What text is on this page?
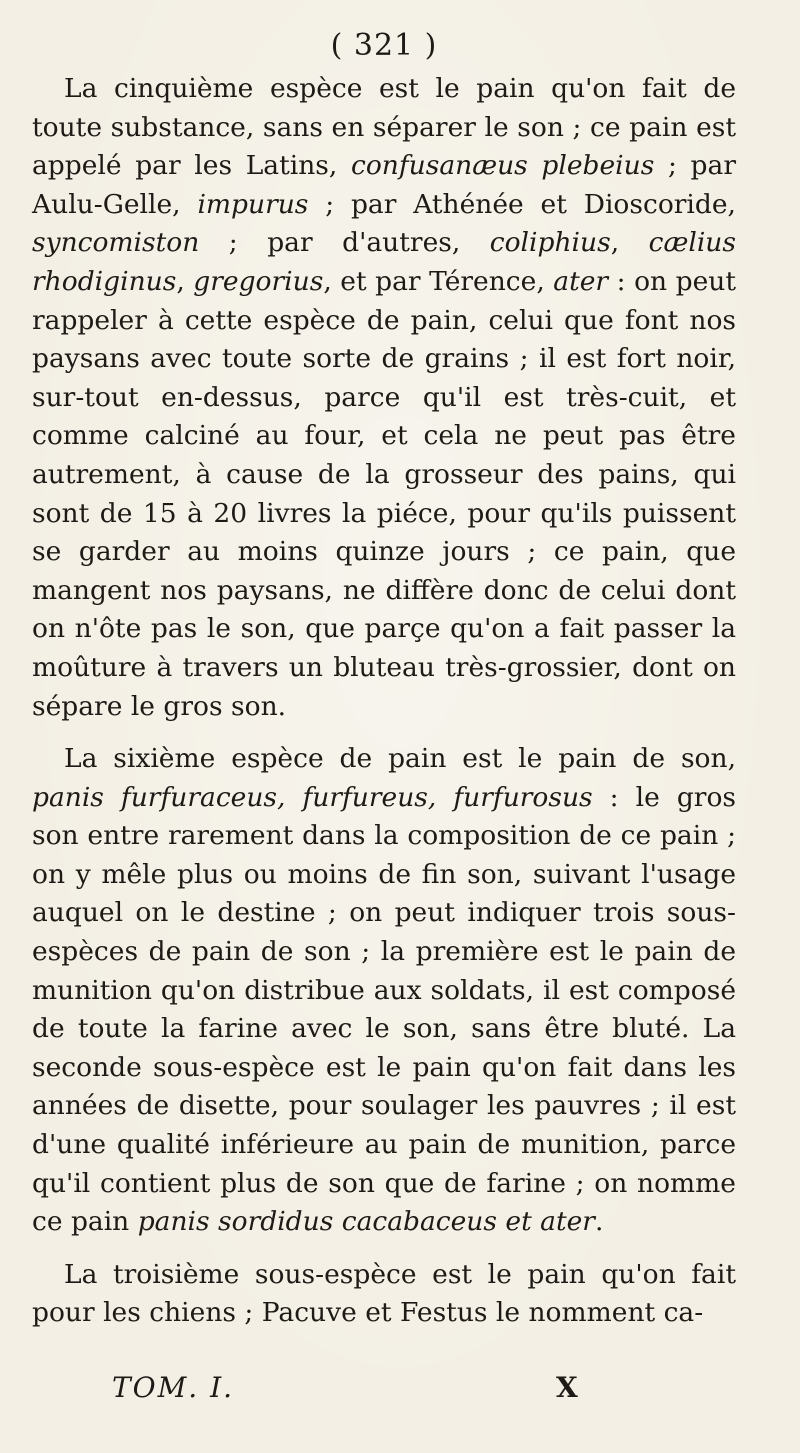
( 321 )

La cinquième espèce est le pain qu'on fait de toute substance, sans en séparer le son ; ce pain est appelé par les Latins, confusanæus plebeius ; par Aulu-Gelle, impurus ; par Athénée et Dioscoride, syncomiston ; par d'autres, coliphius, cælius rhodiginus, gregorius, et par Térence, ater : on peut rappeler à cette espèce de pain, celui que font nos paysans avec toute sorte de grains ; il est fort noir, sur-tout en-dessus, parce qu'il est très-cuit, et comme calciné au four, et cela ne peut pas être autrement, à cause de la grosseur des pains, qui sont de 15 à 20 livres la piéce, pour qu'ils puissent se garder au moins quinze jours ; ce pain, que mangent nos paysans, ne diffère donc de celui dont on n'ôte pas le son, que parçe qu'on a fait passer la moûture à travers un bluteau très-grossier, dont on sépare le gros son.

La sixième espèce de pain est le pain de son, panis furfuraceus, furfureus, furfurosus : le gros son entre rarement dans la composition de ce pain ; on y mêle plus ou moins de fin son, suivant l'usage auquel on le destine ; on peut indiquer trois sous-espèces de pain de son ; la première est le pain de munition qu'on distribue aux soldats, il est composé de toute la farine avec le son, sans être bluté. La seconde sous-espèce est le pain qu'on fait dans les années de disette, pour soulager les pauvres ; il est d'une qualité inférieure au pain de munition, parce qu'il contient plus de son que de farine ; on nomme ce pain panis sordidus cacabaceus et ater.

La troisième sous-espèce est le pain qu'on fait pour les chiens ; Pacuve et Festus le nomment ca-

TOM. I.	X
